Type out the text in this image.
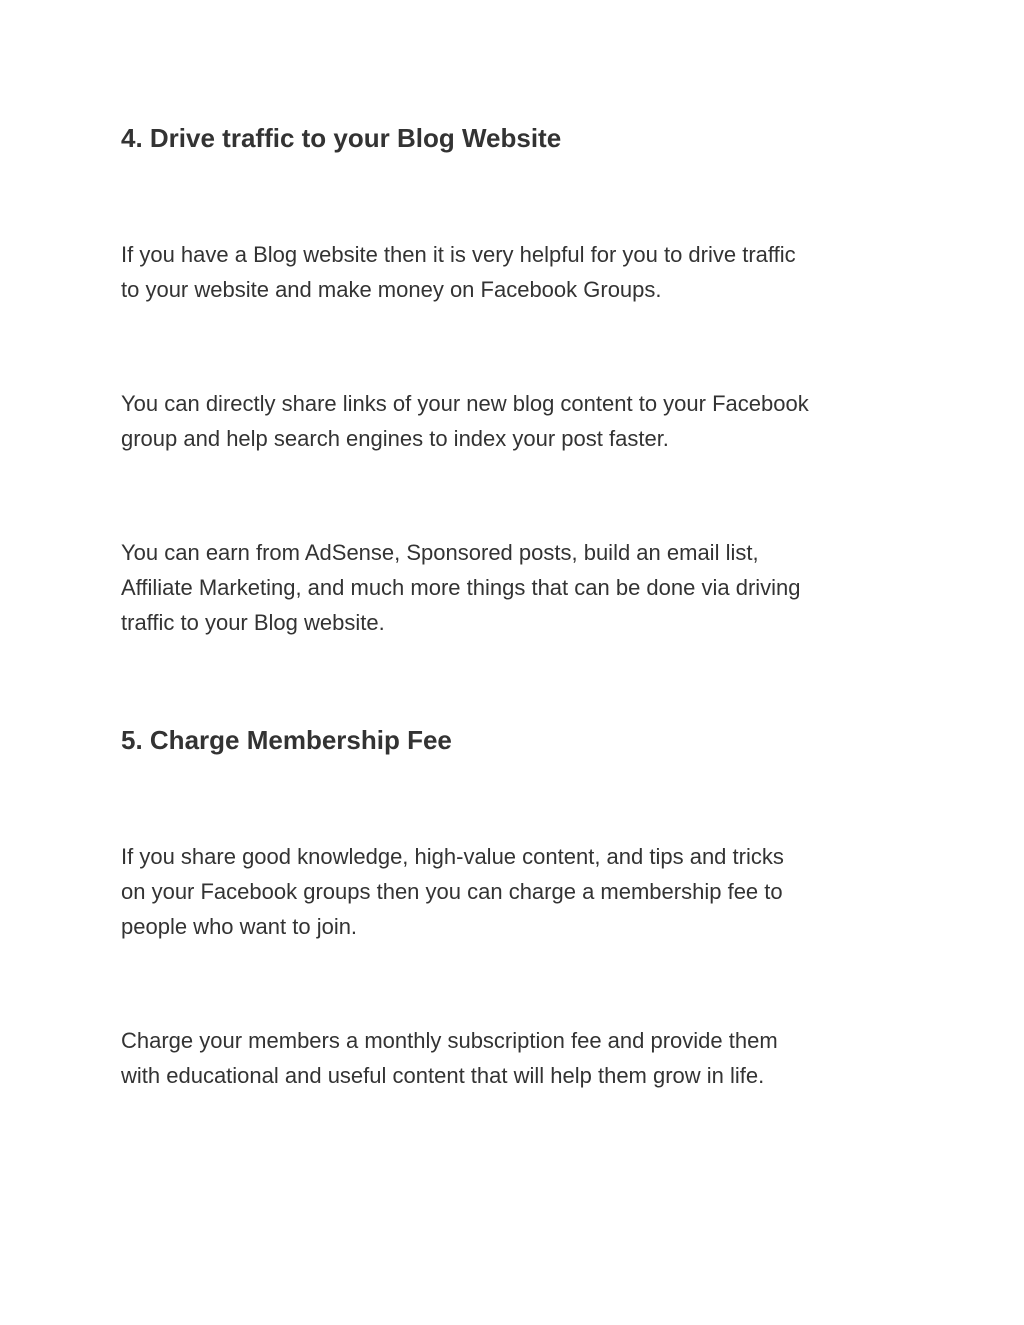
4. Drive traffic to your Blog Website

If you have a Blog website then it is very helpful for you to drive traffic
to your website and make money on Facebook Groups.

You can directly share links of your new blog content to your Facebook
group and help search engines to index your post faster.

You can earn from AdSense, Sponsored posts, build an email list,
Affiliate Marketing, and much more things that can be done via driving
traffic to your Blog website.

5. Charge Membership Fee

If you share good knowledge, high-value content, and tips and tricks
on your Facebook groups then you can charge a membership fee to
people who want to join.

Charge your members a monthly subscription fee and provide them
with educational and useful content that will help them grow in life.
